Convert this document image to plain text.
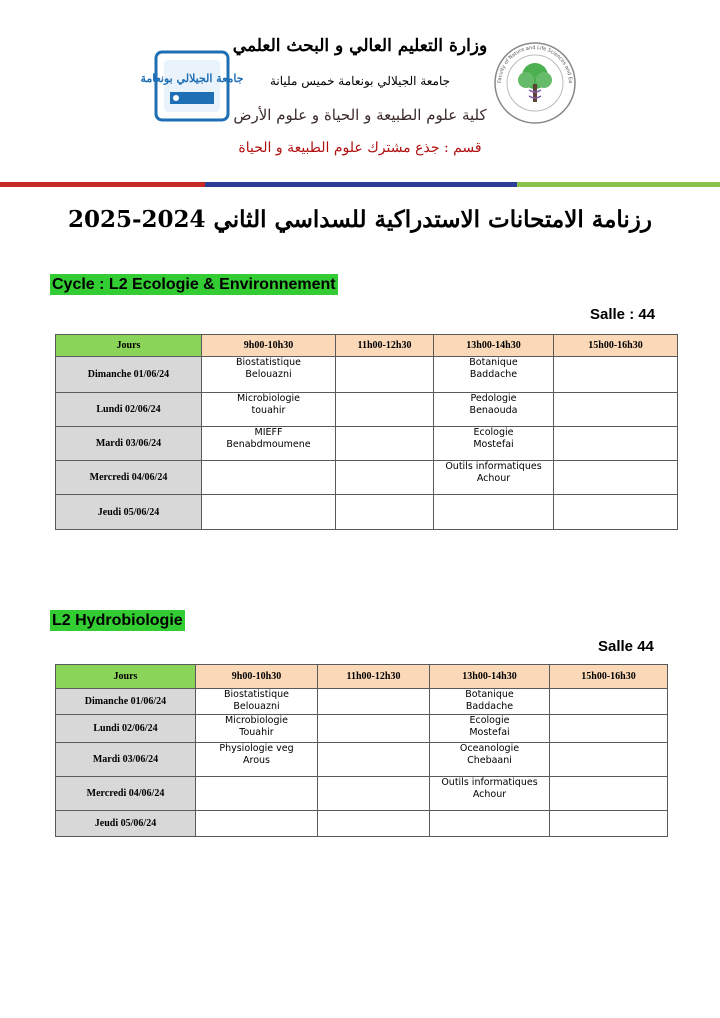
وزارة التعليم العالي و البحث العلمي
جامعة الجيلالي بونعامة خميس مليانة
كلية علوم الطبيعة و الحياة و علوم الأرض
قسم : جذع مشترك علوم الطبيعة و الحياة
جامعة الجيلالي بونعامة	Faculty of Nature and Life Sciences and Ea
رزنامة الامتحانات الاستدراكية للسداسي الثاني 2024-2025
Cycle : L2 Ecologie & Environnement
Salle : 44
Jours	9h00-10h30	11h00-12h30	13h00-14h30	15h00-16h30
Dimanche 01/06/24	Biostatistique
Belouazni		Botanique
Baddache	

Lundi 02/06/24	Microbiologie
touahir		Pedologie
Benaouda	

Mardi 03/06/24	MIEFF
Benabdmoumene		Ecologie
Mostefai	

Mercredi 04/06/24			Outils informatiques
Achour	

Jeudi 05/06/24				
L2 Hydrobiologie
Salle 44
Jours	9h00-10h30	11h00-12h30	13h00-14h30	15h00-16h30
Dimanche 01/06/24	Biostatistique
Belouazni		Botanique
Baddache	

Lundi 02/06/24	Microbiologie
Touahir		Ecologie
Mostefai	

Mardi 03/06/24	Physiologie veg
Arous		Oceanologie
Chebaani	

Mercredi 04/06/24			Outils informatiques
Achour	

Jeudi 05/06/24				
